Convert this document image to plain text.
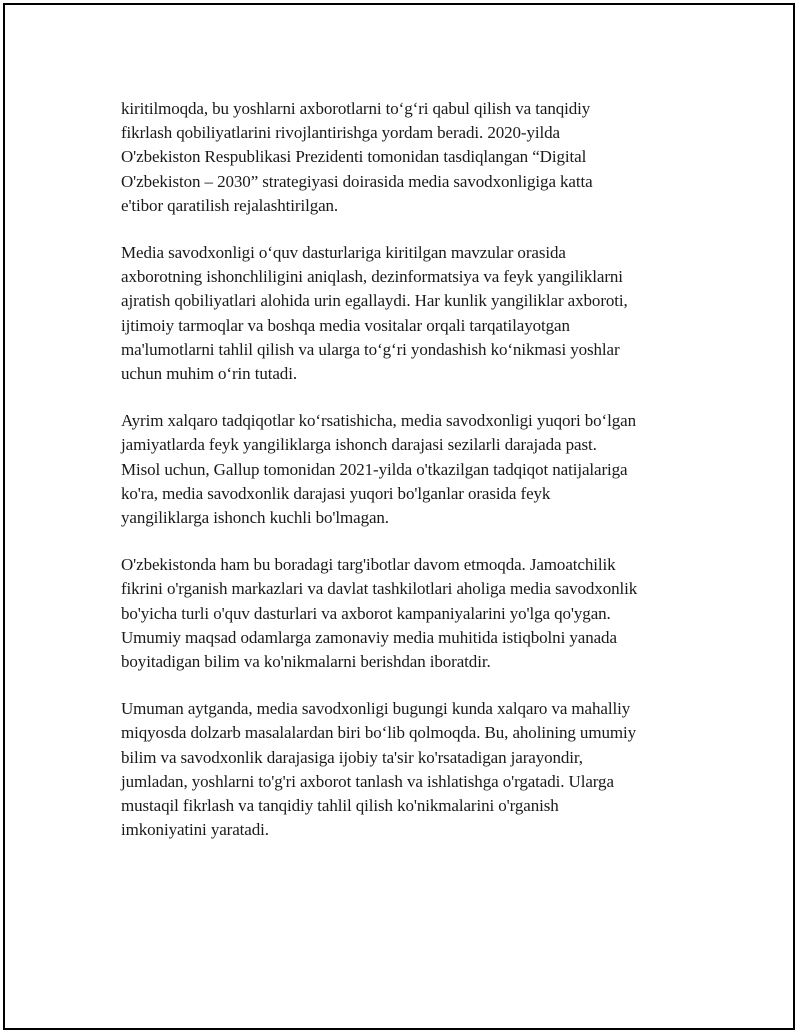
kiritilmoqda, bu yoshlarni axborotlarni to‘g‘ri qabul qilish va tanqidiy
fikrlash qobiliyatlarini rivojlantirishga yordam beradi. 2020-yilda
O'zbekiston Respublikasi Prezidenti tomonidan tasdiqlangan “Digital
O'zbekiston – 2030” strategiyasi doirasida media savodxonligiga katta
e'tibor qaratilish rejalashtirilgan.

Media savodxonligi o‘quv dasturlariga kiritilgan mavzular orasida
axborotning ishonchliligini aniqlash, dezinformatsiya va feyk yangiliklarni
ajratish qobiliyatlari alohida urin egallaydi. Har kunlik yangiliklar axboroti,
ijtimoiy tarmoqlar va boshqa media vositalar orqali tarqatilayotgan
ma'lumotlarni tahlil qilish va ularga to‘g‘ri yondashish ko‘nikmasi yoshlar
uchun muhim o‘rin tutadi.

Ayrim xalqaro tadqiqotlar ko‘rsatishicha, media savodxonligi yuqori bo‘lgan
jamiyatlarda feyk yangiliklarga ishonch darajasi sezilarli darajada past.
Misol uchun, Gallup tomonidan 2021-yilda o'tkazilgan tadqiqot natijalariga
ko'ra, media savodxonlik darajasi yuqori bo'lganlar orasida feyk
yangiliklarga ishonch kuchli bo'lmagan.

O'zbekistonda ham bu boradagi targ'ibotlar davom etmoqda. Jamoatchilik
fikrini o'rganish markazlari va davlat tashkilotlari aholiga media savodxonlik
bo'yicha turli o'quv dasturlari va axborot kampaniyalarini yo'lga qo'ygan.
Umumiy maqsad odamlarga zamonaviy media muhitida istiqbolni yanada
boyitadigan bilim va ko'nikmalarni berishdan iboratdir.

Umuman aytganda, media savodxonligi bugungi kunda xalqaro va mahalliy
miqyosda dolzarb masalalardan biri bo‘lib qolmoqda. Bu, aholining umumiy
bilim va savodxonlik darajasiga ijobiy ta'sir ko'rsatadigan jarayondir,
jumladan, yoshlarni to'g'ri axborot tanlash va ishlatishga o'rgatadi. Ularga
mustaqil fikrlash va tanqidiy tahlil qilish ko'nikmalarini o'rganish
imkoniyatini yaratadi.
